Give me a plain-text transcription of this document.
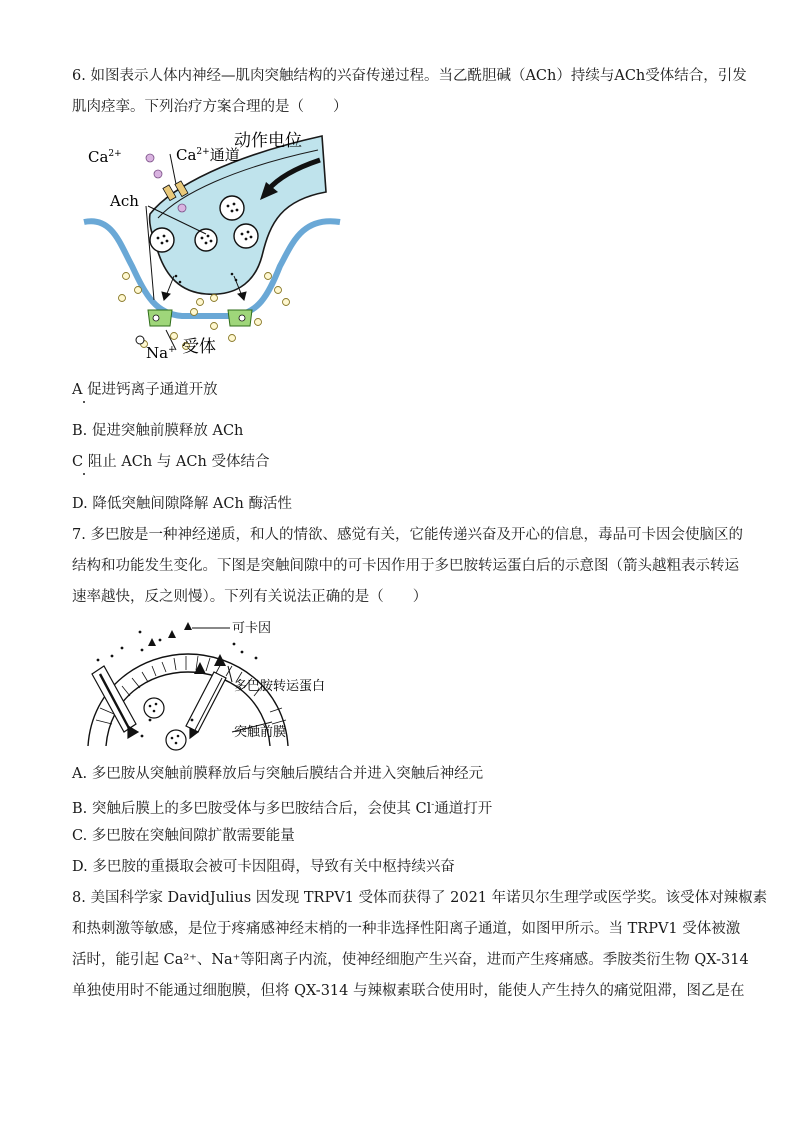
6. 如图表示人体内神经—肌肉突触结构的兴奋传递过程。当乙酰胆碱（ACh）持续与ACh受体结合，引发
肌肉痉挛。下列治疗方案合理的是（　　）
$Ca^{2+}$	$Ca^{2+}$通道
动作电位
Ach
Na+ 受体
A 促进钙离子通道开放
B. 促进突触前膜释放 ACh
C 阻止 ACh 与 ACh 受体结合
D. 降低突触间隙降解 ACh 酶活性
7. 多巴胺是一种神经递质，和人的情欲、感觉有关，它能传递兴奋及开心的信息，毒品可卡因会使脑区的
结构和功能发生变化。下图是突触间隙中的可卡因作用于多巴胺转运蛋白后的示意图（箭头越粗表示转运
速率越快，反之则慢）。下列有关说法正确的是（　　）
可卡因
多巴胺转运蛋白
突触前膜
A. 多巴胺从突触前膜释放后与突触后膜结合并进入突触后神经元
B. 突触后膜上的多巴胺受体与多巴胺结合后，会使其 Cl-通道打开
C. 多巴胺在突触间隙扩散需要能量
D. 多巴胺的重摄取会被可卡因阻碍，导致有关中枢持续兴奋
8. 美国科学家 DavidJulius 因发现 TRPV1 受体而获得了 2021 年诺贝尔生理学或医学奖。该受体对辣椒素
和热刺激等敏感，是位于疼痛感神经末梢的一种非选择性阳离子通道，如图甲所示。当 TRPV1 受体被激
活时，能引起 Ca²⁺、Na⁺等阳离子内流，使神经细胞产生兴奋，进而产生疼痛感。季胺类衍生物 QX-314
单独使用时不能通过细胞膜，但将 QX-314 与辣椒素联合使用时，能使人产生持久的痛觉阻滞，图乙是在
